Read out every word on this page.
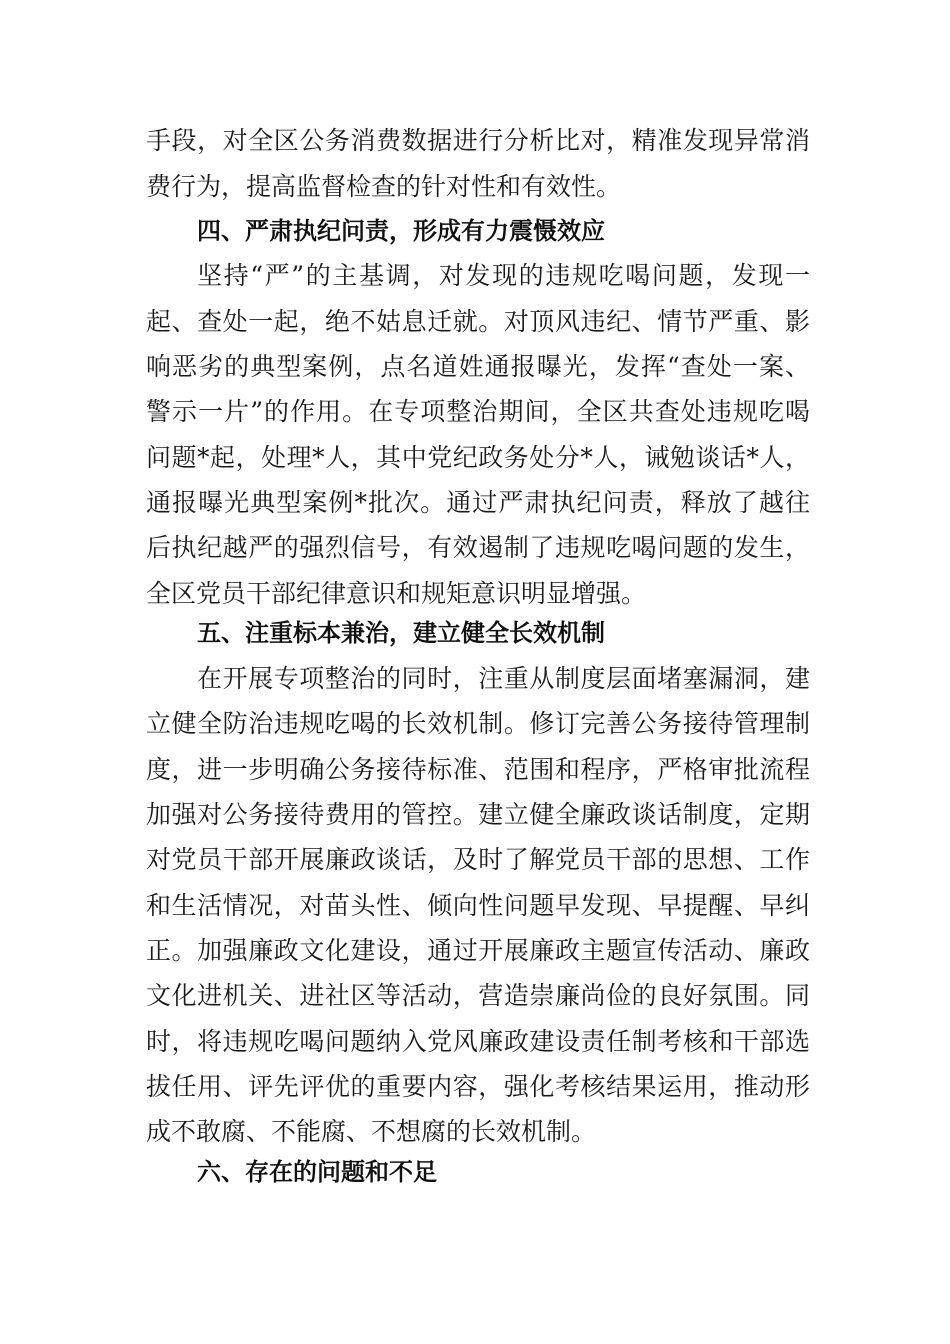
手段，对全区公务消费数据进行分析比对，精准发现异常消
费行为，提高监督检查的针对性和有效性。
四、严肃执纪问责，形成有力震慑效应
坚持“严”的主基调，对发现的违规吃喝问题，发现一
起、查处一起，绝不姑息迁就。对顶风违纪、情节严重、影
响恶劣的典型案例，点名道姓通报曝光，发挥“查处一案、
警示一片”的作用。在专项整治期间，全区共查处违规吃喝
问题*起，处理*人，其中党纪政务处分*人，诫勉谈话*人，
通报曝光典型案例*批次。通过严肃执纪问责，释放了越往
后执纪越严的强烈信号，有效遏制了违规吃喝问题的发生，
全区党员干部纪律意识和规矩意识明显增强。
五、注重标本兼治，建立健全长效机制
在开展专项整治的同时，注重从制度层面堵塞漏洞，建
立健全防治违规吃喝的长效机制。修订完善公务接待管理制
度，进一步明确公务接待标准、范围和程序，严格审批流程
加强对公务接待费用的管控。建立健全廉政谈话制度，定期
对党员干部开展廉政谈话，及时了解党员干部的思想、工作
和生活情况，对苗头性、倾向性问题早发现、早提醒、早纠
正。加强廉政文化建设，通过开展廉政主题宣传活动、廉政
文化进机关、进社区等活动，营造崇廉尚俭的良好氛围。同
时，将违规吃喝问题纳入党风廉政建设责任制考核和干部选
拔任用、评先评优的重要内容，强化考核结果运用，推动形
成不敢腐、不能腐、不想腐的长效机制。
六、存在的问题和不足
